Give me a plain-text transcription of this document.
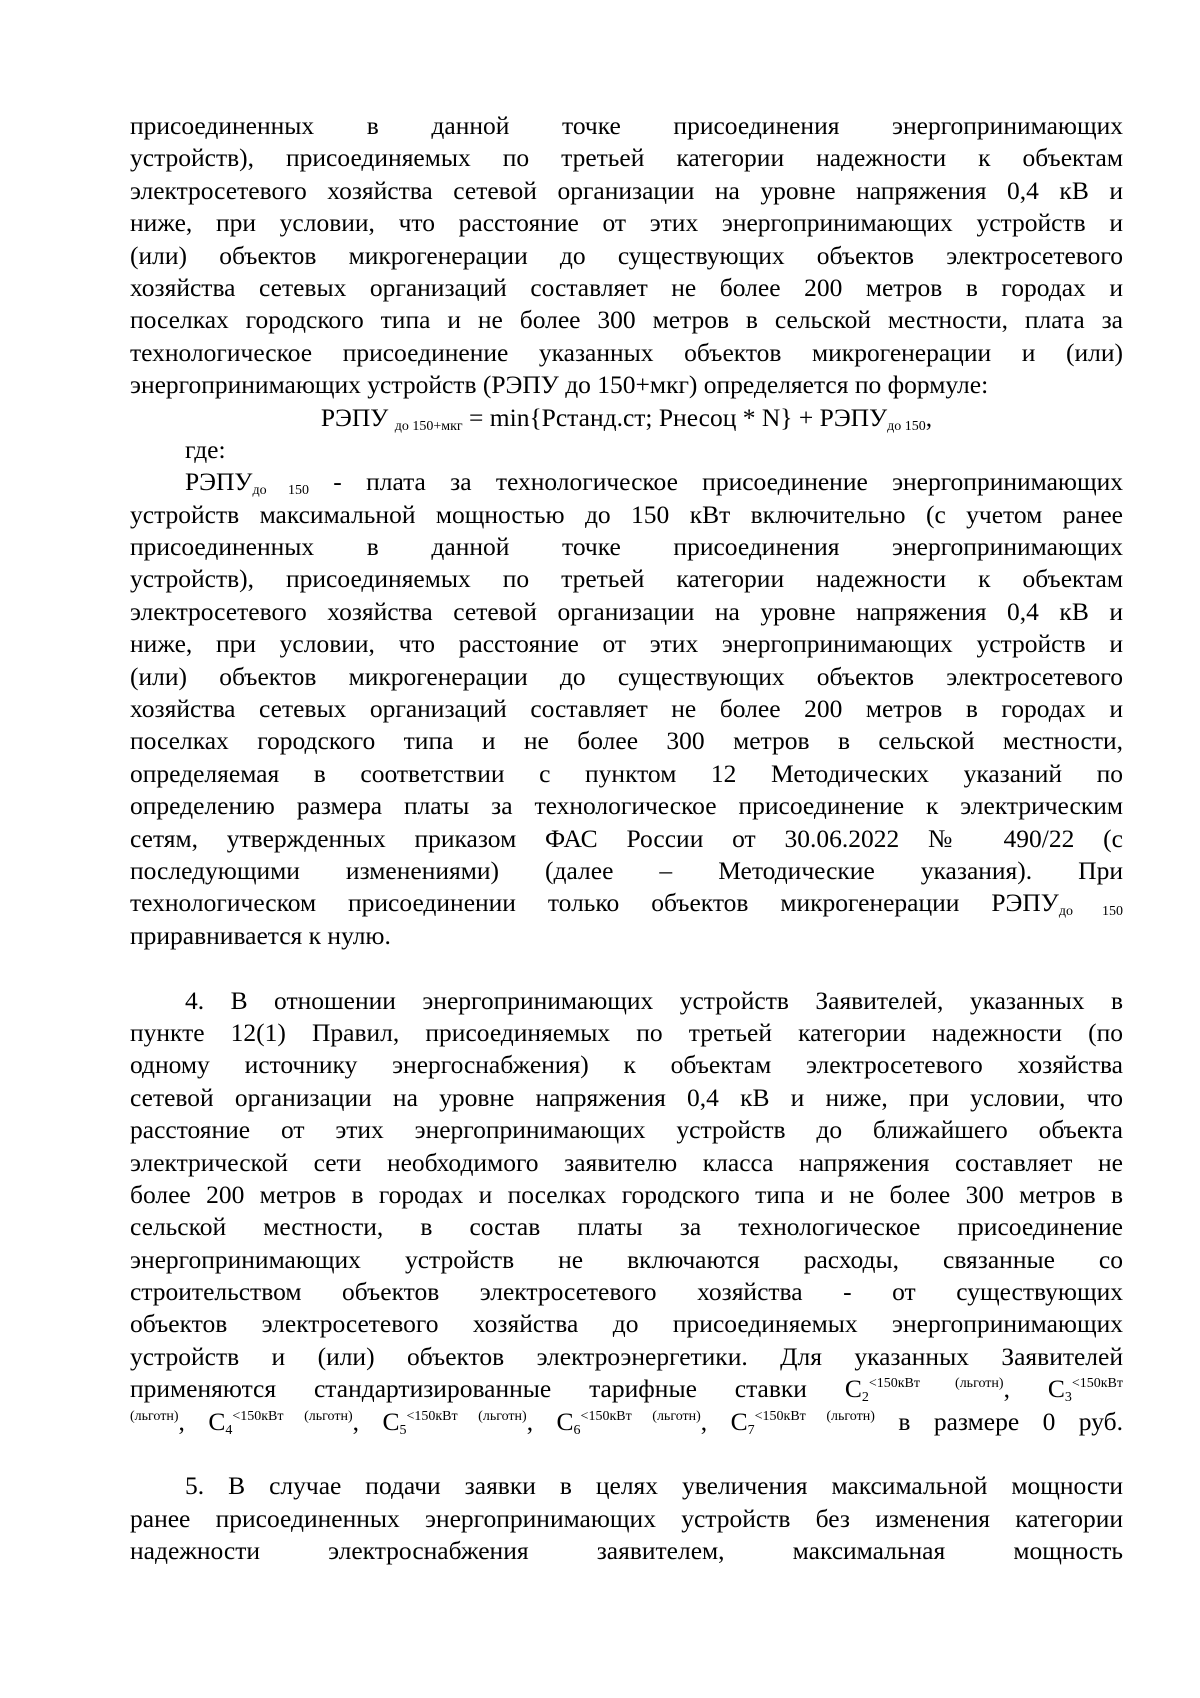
присоединенных в данной точке присоединения энергопринимающих
устройств), присоединяемых по третьей категории надежности к объектам
электросетевого хозяйства сетевой организации на уровне напряжения 0,4 кВ и
ниже, при условии, что расстояние от этих энергопринимающих устройств и
(или) объектов микрогенерации до существующих объектов электросетевого
хозяйства сетевых организаций составляет не более 200 метров в городах и
поселках городского типа и не более 300 метров в сельской местности, плата за
технологическое присоединение указанных объектов микрогенерации и (или)
энергопринимающих устройств (РЭПУ до 150+мкг) определяется по формуле:
РЭПУ $_{до 150+мкг}$ = min{Рстанд.ст; Рнесоц * $N\} + РЭПУ_{до 150}$,
где:
$РЭПУ_{до 150}$ - плата за технологическое присоединение энергопринимающих
устройств максимальной мощностью до 150 кВт включительно (с учетом ранее
присоединенных в данной точке присоединения энергопринимающих
устройств), присоединяемых по третьей категории надежности к объектам
электросетевого хозяйства сетевой организации на уровне напряжения 0,4 кВ и
ниже, при условии, что расстояние от этих энергопринимающих устройств и
(или) объектов микрогенерации до существующих объектов электросетевого
хозяйства сетевых организаций составляет не более 200 метров в городах и
поселках городского типа и не более 300 метров в сельской местности,
определяемая в соответствии с пунктом 12 Методических указаний по
определению размера платы за технологическое присоединение к электрическим
сетям, утвержденных приказом ФАС России от 30.06.2022 № 490/22 (с
последующими изменениями) (далее – Методические указания). При
технологическом присоединении только объектов микрогенерации $РЭПУ_{до 150}$
приравнивается к нулю.
4. В отношении энергопринимающих устройств Заявителей, указанных в
пункте 12(1) Правил, присоединяемых по третьей категории надежности (по
одному источнику энергоснабжения) к объектам электросетевого хозяйства
сетевой организации на уровне напряжения 0,4 кВ и ниже, при условии, что
расстояние от этих энергопринимающих устройств до ближайшего объекта
электрической сети необходимого заявителю класса напряжения составляет не
более 200 метров в городах и поселках городского типа и не более 300 метров в
сельской местности, в состав платы за технологическое присоединение
энергопринимающих устройств не включаются расходы, связанные со
строительством объектов электросетевого хозяйства - от существующих
объектов электросетевого хозяйства до присоединяемых энергопринимающих
устройств и (или) объектов электроэнергетики. Для указанных Заявителей
применяются стандартизированные тарифные ставки $С_2^{<150кВт (льготн)}$, $С_3^{<150кВт}$
$^{(льготн)}$, $С_4^{<150кВт (льготн)}$, $С_5^{<150кВт (льготн)}$, $С_6^{<150кВт (льготн)}$, $С_7^{<150кВт (льготн)}$ в размере 0 руб.
5. В случае подачи заявки в целях увеличения максимальной мощности
ранее присоединенных энергопринимающих устройств без изменения категории
надежности электроснабжения заявителем, максимальная мощность
